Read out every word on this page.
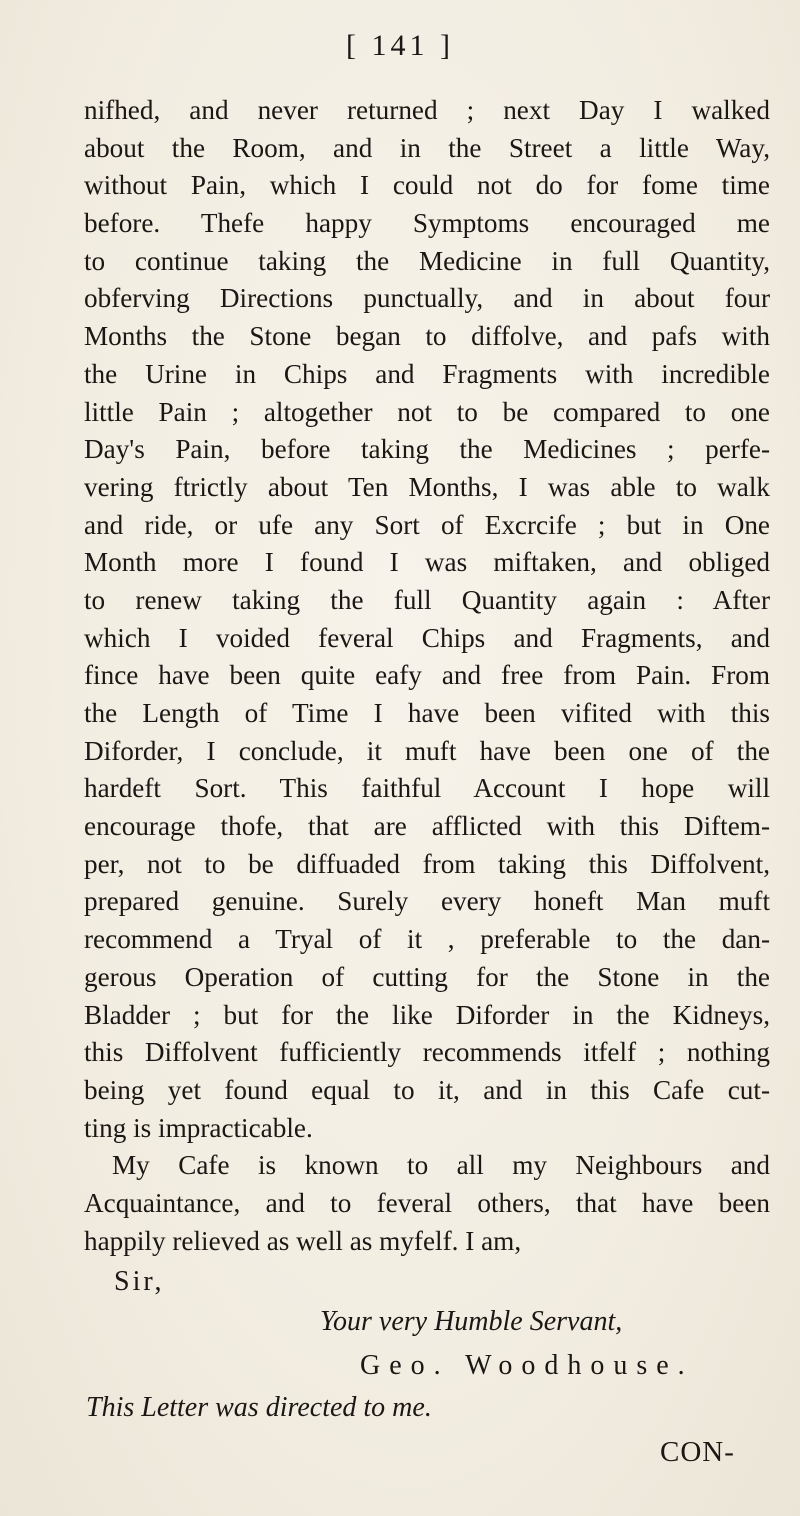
[ 141 ]
nifhed, and never returned ; next Day I walked
about the Room, and in the Street a little Way,
without Pain, which I could not do for fome time
before. Thefe happy Symptoms encouraged me
to continue taking the Medicine in full Quantity,
obferving Directions punctually, and in about four
Months the Stone began to diffolve, and pafs with
the Urine in Chips and Fragments with incredible
little Pain ; altogether not to be compared to one
Day's Pain, before taking the Medicines ; perfe-
vering ftrictly about Ten Months, I was able to walk
and ride, or ufe any Sort of Excrcife ; but in One
Month more I found I was miftaken, and obliged
to renew taking the full Quantity again : After
which I voided feveral Chips and Fragments, and
fince have been quite eafy and free from Pain. From
the Length of Time I have been vifited with this
Diforder, I conclude, it muft have been one of the
hardeft Sort. This faithful Account I hope will
encourage thofe, that are afflicted with this Diftem-
per, not to be diffuaded from taking this Diffolvent,
prepared genuine. Surely every honeft Man muft
recommend a Tryal of it , preferable to the dan-
gerous Operation of cutting for the Stone in the
Bladder ; but for the like Diforder in the Kidneys,
this Diffolvent fufficiently recommends itfelf ; nothing
being yet found equal to it, and in this Cafe cut-
ting is impracticable.
My Cafe is known to all my Neighbours and
Acquaintance, and to feveral others, that have been
happily relieved as well as myfelf. I am,
Sir,
Your very Humble Servant,
Geo. Woodhouse.
This Letter was directed to me.
CON-
